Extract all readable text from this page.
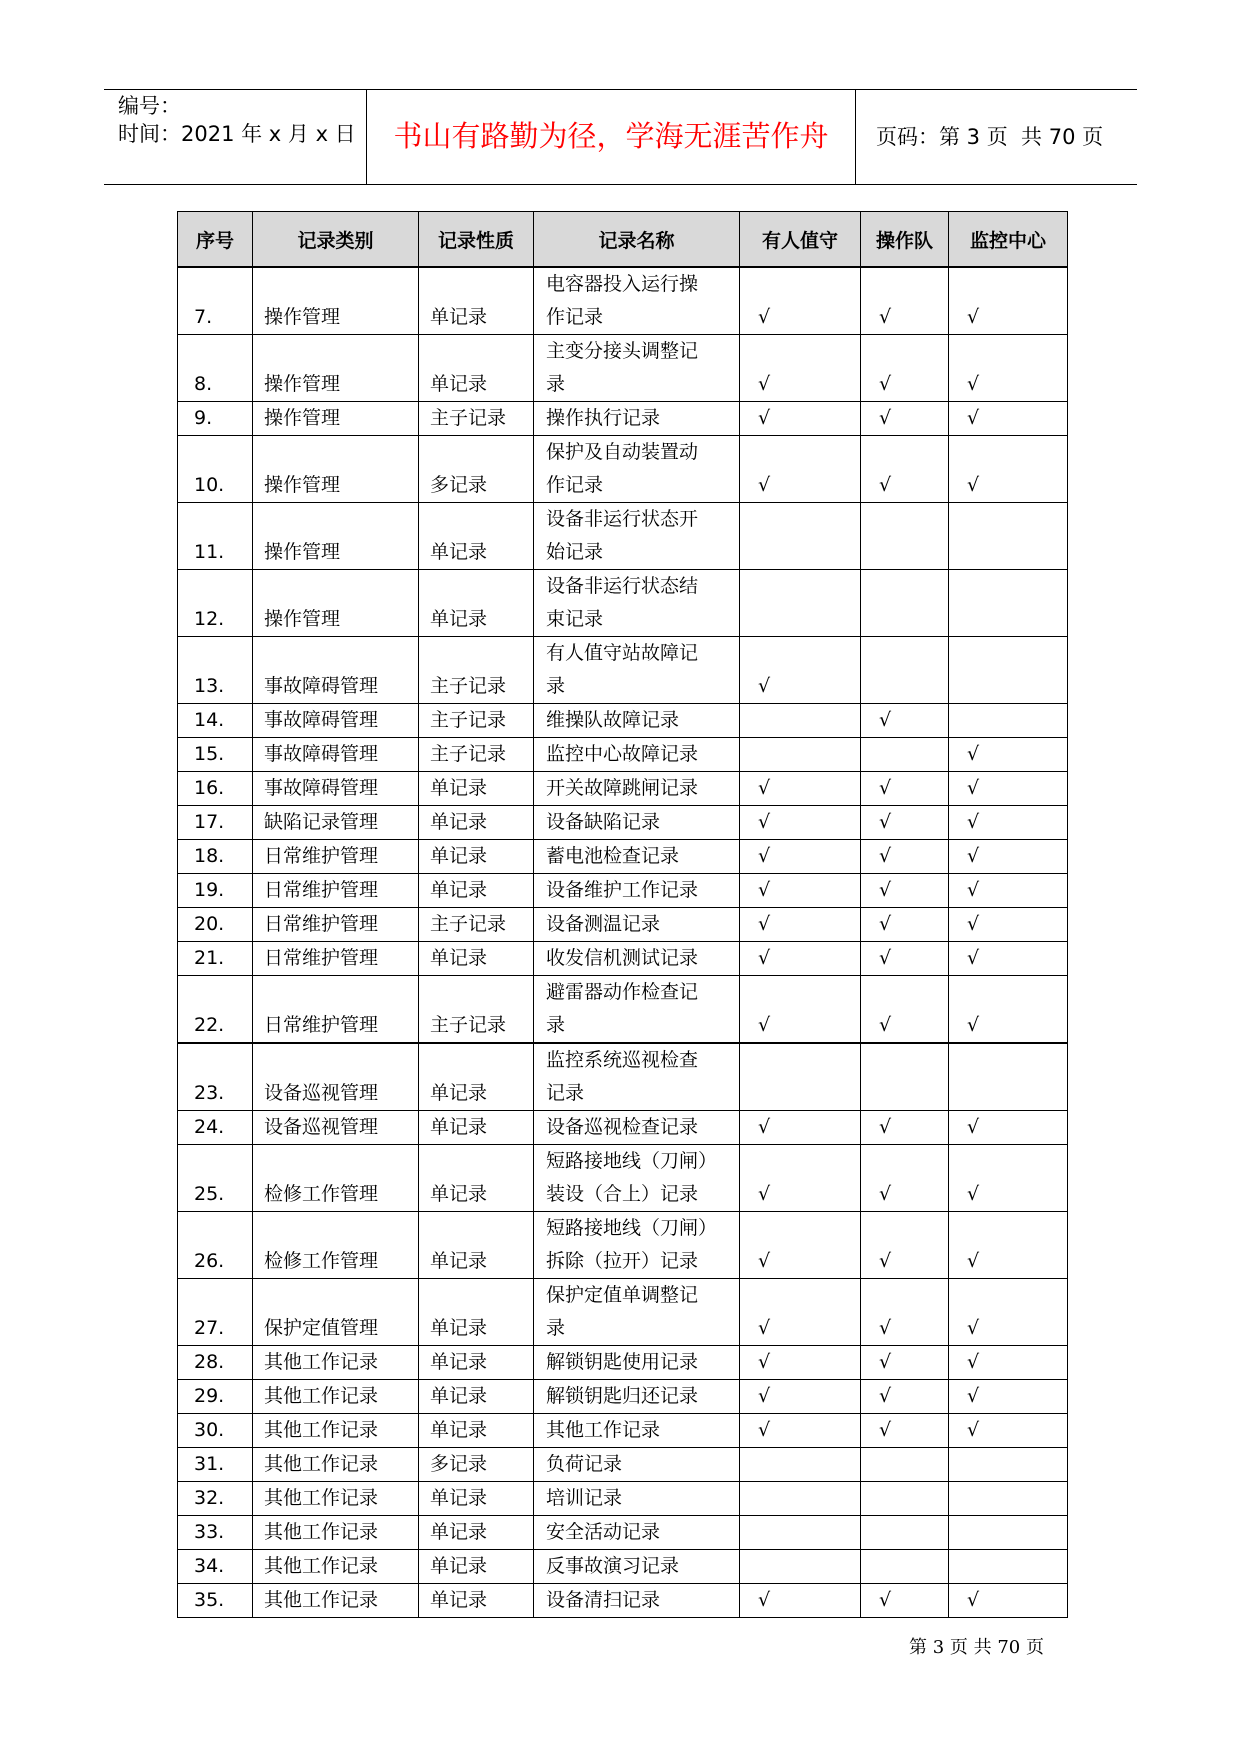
编号：
时间：2021 年 x 月 x 日	书山有路勤为径，学海无涯苦作舟	页码：第 3 页  共 70 页
序号	记录类别	记录性质	记录名称	有人值守	操作队	监控中心
7.	操作管理	单记录	电容器投入运行操
作记录	√	√	√
8.	操作管理	单记录	主变分接头调整记
录	√	√	√
9.	操作管理	主子记录	操作执行记录	√	√	√
10.	操作管理	多记录	保护及自动装置动
作记录	√	√	√
11.	操作管理	单记录	设备非运行状态开
始记录			
12.	操作管理	单记录	设备非运行状态结
束记录			
13.	事故障碍管理	主子记录	有人值守站故障记
录	√		
14.	事故障碍管理	主子记录	维操队故障记录		√	
15.	事故障碍管理	主子记录	监控中心故障记录			√
16.	事故障碍管理	单记录	开关故障跳闸记录	√	√	√
17.	缺陷记录管理	单记录	设备缺陷记录	√	√	√
18.	日常维护管理	单记录	蓄电池检查记录	√	√	√
19.	日常维护管理	单记录	设备维护工作记录	√	√	√
20.	日常维护管理	主子记录	设备测温记录	√	√	√
21.	日常维护管理	单记录	收发信机测试记录	√	√	√
22.	日常维护管理	主子记录	避雷器动作检查记
录	√	√	√
23.	设备巡视管理	单记录	监控系统巡视检查
记录			
24.	设备巡视管理	单记录	设备巡视检查记录	√	√	√
25.	检修工作管理	单记录	短路接地线（刀闸）
装设（合上）记录	√	√	√
26.	检修工作管理	单记录	短路接地线（刀闸）
拆除（拉开）记录	√	√	√
27.	保护定值管理	单记录	保护定值单调整记
录	√	√	√
28.	其他工作记录	单记录	解锁钥匙使用记录	√	√	√
29.	其他工作记录	单记录	解锁钥匙归还记录	√	√	√
30.	其他工作记录	单记录	其他工作记录	√	√	√
31.	其他工作记录	多记录	负荷记录			
32.	其他工作记录	单记录	培训记录			
33.	其他工作记录	单记录	安全活动记录			
34.	其他工作记录	单记录	反事故演习记录			
35.	其他工作记录	单记录	设备清扫记录	√	√	√
第 3 页 共 70 页
